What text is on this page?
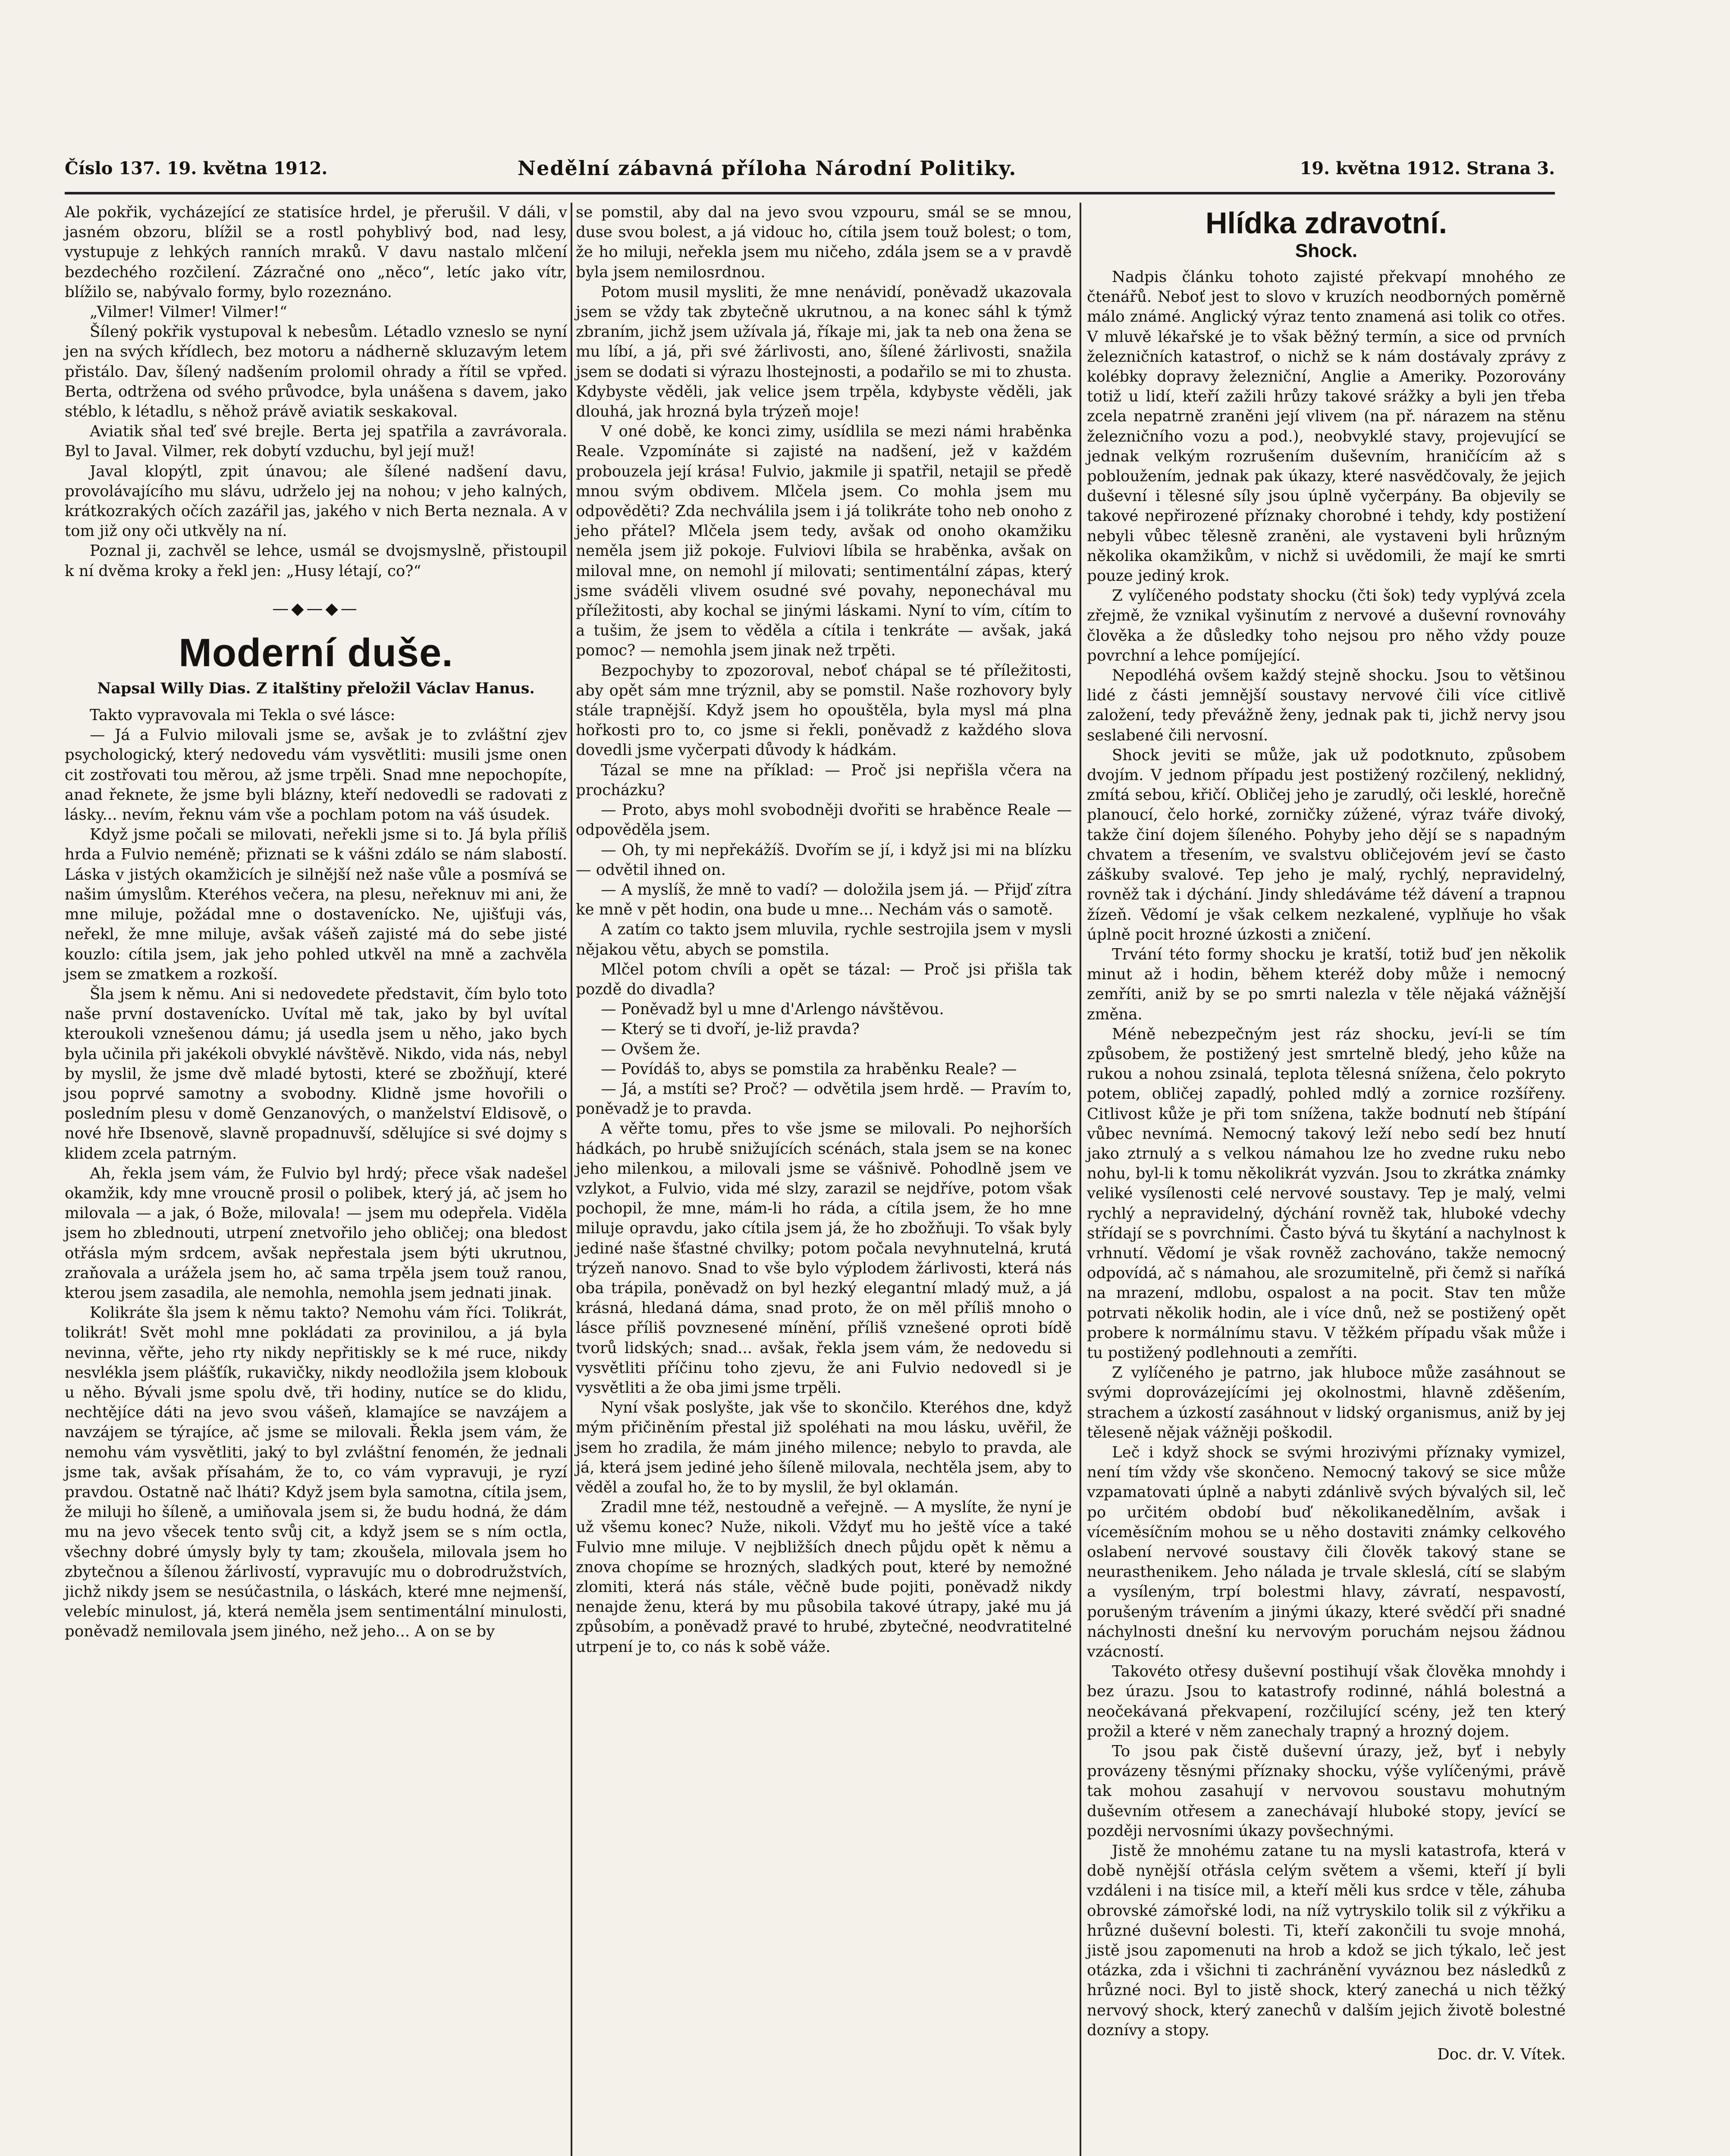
Číslo 137. 19. května 1912.	Nedělní zábavná příloha Národní Politiky.	19. května 1912. Strana 3.

Ale pokřik, vycházející ze statisíce hrdel, je přerušil. V dáli, v jasném obzoru, blížil se a rostl pohyblivý bod, nad lesy, vystupuje z lehkých ranních mraků. V davu nastalo mlčení bezdechého rozčilení. Zázračné ono „něco“, letíc jako vítr, blížilo se, nabývalo formy, bylo rozeznáno.

„Vilmer! Vilmer! Vilmer!“

Šílený pokřik vystupoval k nebesům. Létadlo vzneslo se nyní jen na svých křídlech, bez motoru a nádherně skluzavým letem přistálo. Dav, šílený nadšením prolomil ohrady a řítil se vpřed. Berta, odtržena od svého průvodce, byla unášena s davem, jako stéblo, k létadlu, s něhož právě aviatik seskakoval.

Aviatik sňal teď své brejle. Berta jej spatřila a zavrávorala. Byl to Javal. Vilmer, rek dobytí vzduchu, byl její muž!

Javal klopýtl, zpit únavou; ale šílené nadšení davu, provolávajícího mu slávu, udrželo jej na nohou; v jeho kalných, krátkozrakých očích zazářil jas, jakého v nich Berta neznala. A v tom již ony oči utkvěly na ní.

Poznal ji, zachvěl se lehce, usmál se dvojsmyslně, přistoupil k ní dvěma kroky a řekl jen: „Husy létají, co?“

—◆—◆—
Moderní duše.
Napsal Willy Dias. Z italštiny přeložil Václav Hanus.

Takto vypravovala mi Tekla o své lásce:

— Já a Fulvio milovali jsme se, avšak je to zvláštní zjev psychologický, který nedovedu vám vysvětliti: musili jsme onen cit zostřovati tou měrou, až jsme trpěli. Snad mne nepochopíte, anad řeknete, že jsme byli blázny, kteří nedovedli se radovati z lásky... nevím, řeknu vám vše a pochlam potom na váš úsudek.

Když jsme počali se milovati, neřekli jsme si to. Já byla příliš hrda a Fulvio neméně; přiznati se k vášni zdálo se nám slabostí. Láska v jistých okamžicích je silnější než naše vůle a posmívá se našim úmyslům. Kteréhos večera, na plesu, neřeknuv mi ani, že mne miluje, požádal mne o dostavenícko. Ne, ujišťuji vás, neřekl, že mne miluje, avšak vášeň zajisté má do sebe jisté kouzlo: cítila jsem, jak jeho pohled utkvěl na mně a zachvěla jsem se zmatkem a rozkoší.

Šla jsem k němu. Ani si nedovedete představit, čím bylo toto naše první dostavenícko. Uvítal mě tak, jako by byl uvítal kteroukoli vznešenou dámu; já usedla jsem u něho, jako bych byla učinila při jakékoli obvyklé návštěvě. Nikdo, vida nás, nebyl by myslil, že jsme dvě mladé bytosti, které se zbožňují, které jsou poprvé samotny a svobodny. Klidně jsme hovořili o posledním plesu v domě Genzanových, o manželství Eldisově, o nové hře Ibsenově, slavně propadnuvší, sdělujíce si své dojmy s klidem zcela patrným.

Ah, řekla jsem vám, že Fulvio byl hrdý; přece však nadešel okamžik, kdy mne vroucně prosil o polibek, který já, ač jsem ho milovala — a jak, ó Bože, milovala! — jsem mu odepřela. Viděla jsem ho zblednouti, utrpení znetvořilo jeho obličej; ona bledost otřásla mým srdcem, avšak nepřestala jsem býti ukrutnou, zraňovala a urážela jsem ho, ač sama trpěla jsem touž ranou, kterou jsem zasadila, ale nemohla, nemohla jsem jednati jinak.

Kolikráte šla jsem k němu takto? Nemohu vám říci. Tolikrát, tolikrát! Svět mohl mne pokládati za provinilou, a já byla nevinna, věřte, jeho rty nikdy nepřitiskly se k mé ruce, nikdy nesvlékla jsem plášťík, rukavičky, nikdy neodložila jsem klobouk u něho. Bývali jsme spolu dvě, tři hodiny, nutíce se do klidu, nechtějíce dáti na jevo svou vášeň, klamajíce se navzájem a navzájem se týrajíce, ač jsme se milovali. Řekla jsem vám, že nemohu vám vysvětliti, jaký to byl zvláštní fenomén, že jednali jsme tak, avšak přísahám, že to, co vám vypravuji, je ryzí pravdou. Ostatně nač lháti? Když jsem byla samotna, cítila jsem, že miluji ho šíleně, a umiňovala jsem si, že budu hodná, že dám mu na jevo všecek tento svůj cit, a když jsem se s ním octla, všechny dobré úmysly byly ty tam; zkoušela, milovala jsem ho zbytečnou a šílenou žárlivostí, vypravujíc mu o dobrodružstvích, jichž nikdy jsem se nesúčastnila, o láskách, které mne nejmenší, velebíc minulost, já, která neměla jsem sentimentální minulosti, poněvadž nemilovala jsem jiného, než jeho... A on se by

se pomstil, aby dal na jevo svou vzpouru, smál se se mnou, duse svou bolest, a já vidouc ho, cítila jsem touž bolest; o tom, že ho miluji, neřekla jsem mu ničeho, zdála jsem se a v pravdě byla jsem nemilosrdnou.

Potom musil mysliti, že mne nenávidí, poněvadž ukazovala jsem se vždy tak zbytečně ukrutnou, a na konec sáhl k týmž zbraním, jichž jsem užívala já, říkaje mi, jak ta neb ona žena se mu líbí, a já, při své žárlivosti, ano, šílené žárlivosti, snažila jsem se dodati si výrazu lhostejnosti, a podařilo se mi to zhusta. Kdybyste věděli, jak velice jsem trpěla, kdybyste věděli, jak dlouhá, jak hrozná byla trýzeň moje!

V oné době, ke konci zimy, usídlila se mezi námi hraběnka Reale. Vzpomínáte si zajisté na nadšení, jež v každém probouzela její krása! Fulvio, jakmile ji spatřil, netajil se předě mnou svým obdivem. Mlčela jsem. Co mohla jsem mu odpověděti? Zda nechválila jsem i já tolikráte toho neb onoho z jeho přátel? Mlčela jsem tedy, avšak od onoho okamžiku neměla jsem již pokoje. Fulviovi líbila se hraběnka, avšak on miloval mne, on nemohl jí milovati; sentimentální zápas, který jsme sváděli vlivem osudné své povahy, neponechával mu příležitosti, aby kochal se jinými láskami. Nyní to vím, cítím to a tušim, že jsem to věděla a cítila i tenkráte — avšak, jaká pomoc? — nemohla jsem jinak než trpěti.

Bezpochyby to zpozoroval, neboť chápal se té příležitosti, aby opět sám mne trýznil, aby se pomstil. Naše rozhovory byly stále trapnější. Když jsem ho opouštěla, byla mysl má plna hořkosti pro to, co jsme si řekli, poněvadž z každého slova dovedli jsme vyčerpati důvody k hádkám.

Tázal se mne na příklad: — Proč jsi nepřišla včera na procházku?

— Proto, abys mohl svobodněji dvořiti se hraběnce Reale — odpověděla jsem.

— Oh, ty mi nepřekážíš. Dvořím se jí, i když jsi mi na blízku — odvětil ihned on.

— A myslíš, že mně to vadí? — doložila jsem já. — Přijď zítra ke mně v pět hodin, ona bude u mne... Nechám vás o samotě.

A zatím co takto jsem mluvila, rychle sestrojila jsem v mysli nějakou větu, abych se pomstila.

Mlčel potom chvíli a opět se tázal: — Proč jsi přišla tak pozdě do divadla?

— Poněvadž byl u mne d'Arlengo návštěvou.

— Který se ti dvoří, je-liž pravda?

— Ovšem že.

— Povídáš to, abys se pomstila za hraběnku Reale? —

— Já, a mstíti se? Proč? — odvětila jsem hrdě. — Pravím to, poněvadž je to pravda.

A věřte tomu, přes to vše jsme se milovali. Po nejhorších hádkách, po hrubě snižujících scénách, stala jsem se na konec jeho milenkou, a milovali jsme se vášnivě. Pohodlně jsem ve vzlykot, a Fulvio, vida mé slzy, zarazil se nejdříve, potom však pochopil, že mne, mám-li ho ráda, a cítila jsem, že ho mne miluje opravdu, jako cítila jsem já, že ho zbožňuji. To však byly jediné naše šťastné chvilky; potom počala nevyhnutelná, krutá trýzeň nanovo. Snad to vše bylo výplodem žárlivosti, která nás oba trápila, poněvadž on byl hezký elegantní mladý muž, a já krásná, hledaná dáma, snad proto, že on měl příliš mnoho o lásce příliš povznesené mínění, příliš vznešené oproti bídě tvorů lidských; snad... avšak, řekla jsem vám, že nedovedu si vysvětliti příčinu toho zjevu, že ani Fulvio nedovedl si je vysvětliti a že oba jimi jsme trpěli.

Nyní však poslyšte, jak vše to skončilo. Kteréhos dne, když mým přičiněním přestal již spoléhati na mou lásku, uvěřil, že jsem ho zradila, že mám jiného milence; nebylo to pravda, ale já, která jsem jediné jeho šíleně milovala, nechtěla jsem, aby to věděl a zoufal ho, že to by myslil, že byl oklamán.

Zradil mne též, nestoudně a veřejně. — A myslíte, že nyní je už všemu konec? Nuže, nikoli. Vždyť mu ho ještě více a také Fulvio mne miluje. V nejbližších dnech půjdu opět k němu a znova chopíme se hrozných, sladkých pout, které by nemožné zlomiti, která nás stále, věčně bude pojiti, poněvadž nikdy nenajde ženu, která by mu působila takové útrapy, jaké mu já způsobím, a poněvadž pravé to hrubé, zbytečné, neodvratitelné utrpení je to, co nás k sobě váže.

Hlídka zdravotní.
Shock.

Nadpis článku tohoto zajisté překvapí mnohého ze čtenářů. Neboť jest to slovo v kruzích neodborných poměrně málo známé. Anglický výraz tento znamená asi tolik co otřes. V mluvě lékařské je to však běžný termín, a sice od prvních železničních katastrof, o nichž se k nám dostávaly zprávy z kolébky dopravy železniční, Anglie a Ameriky. Pozorovány totiž u lidí, kteří zažili hrůzy takové srážky a byli jen třeba zcela nepatrně zraněni její vlivem (na př. nárazem na stěnu železničního vozu a pod.), neobvyklé stavy, projevující se jednak velkým rozrušením duševním, hraničícím až s pobloužením, jednak pak úkazy, které nasvědčovaly, že jejich duševní i tělesné síly jsou úplně vyčerpány. Ba objevily se takové nepřirozené příznaky chorobné i tehdy, kdy postižení nebyli vůbec tělesně zraněni, ale vystaveni byli hrůzným několika okamžikům, v nichž si uvědomili, že mají ke smrti pouze jediný krok.

Z vylíčeného podstaty shocku (čti šok) tedy vyplývá zcela zřejmě, že vznikal vyšinutím z nervové a duševní rovnováhy člověka a že důsledky toho nejsou pro něho vždy pouze povrchní a lehce pomíjející.

Nepodléhá ovšem každý stejně shocku. Jsou to většinou lidé z části jemnější soustavy nervové čili více citlivě založení, tedy převážně ženy, jednak pak ti, jichž nervy jsou seslabené čili nervosní.

Shock jeviti se může, jak už podotknuto, způsobem dvojím. V jednom případu jest postižený rozčilený, neklidný, zmítá sebou, křičí. Obličej jeho je zarudlý, oči lesklé, horečně planoucí, čelo horké, zorničky zúžené, výraz tváře divoký, takže činí dojem šíleného. Pohyby jeho dějí se s napadným chvatem a třesením, ve svalstvu obličejovém jeví se často záškuby svalové. Tep jeho je malý, rychlý, nepravidelný, rovněž tak i dýchání. Jindy shledáváme též dávení a trapnou žízeň. Vědomí je však celkem nezkalené, vyplňuje ho však úplně pocit hrozné úzkosti a zničení.

Trvání této formy shocku je kratší, totiž buď jen několik minut až i hodin, během kteréž doby může i nemocný zemříti, aniž by se po smrti nalezla v těle nějaká vážnější změna.

Méně nebezpečným jest ráz shocku, jeví-li se tím způsobem, že postižený jest smrtelně bledý, jeho kůže na rukou a nohou zsinalá, teplota tělesná snížena, čelo pokryto potem, obličej zapadlý, pohled mdlý a zornice rozšířeny. Citlivost kůže je při tom snížena, takže bodnutí neb štípání vůbec nevnímá. Nemocný takový leží nebo sedí bez hnutí jako ztrnulý a s velkou námahou lze ho zvedne ruku nebo nohu, byl-li k tomu několikrát vyzván. Jsou to zkrátka známky veliké vysílenosti celé nervové soustavy. Tep je malý, velmi rychlý a nepravidelný, dýchání rovněž tak, hluboké vdechy střídají se s povrchními. Často bývá tu škytání a nachylnost k vrhnutí. Vědomí je však rovněž zachováno, takže nemocný odpovídá, ač s námahou, ale srozumitelně, při čemž si naříká na mrazení, mdlobu, ospalost a na pocit. Stav ten může potrvati několik hodin, ale i více dnů, než se postižený opět probere k normálnímu stavu. V těžkém případu však může i tu postižený podlehnouti a zemříti.

Z vylíčeného je patrno, jak hluboce může zasáhnout se svými doprovázejícími jej okolnostmi, hlavně zděšením, strachem a úzkostí zasáhnout v lidský organismus, aniž by jej těleseně nějak vážněji poškodil.

Leč i když shock se svými hrozivými příznaky vymizel, není tím vždy vše skončeno. Nemocný takový se sice může vzpamatovati úplně a nabyti zdánlivě svých bývalých sil, leč po určitém období buď několikanedělním, avšak i víceměsíčním mohou se u něho dostaviti známky celkového oslabení nervové soustavy čili člověk takový stane se neurasthenikem. Jeho nálada je trvale skleslá, cítí se slabým a vysíleným, trpí bolestmi hlavy, závratí, nespavostí, porušeným trávením a jinými úkazy, které svědčí při snadné náchylnosti dnešní ku nervovým poruchám nejsou žádnou vzácností.

Takovéto otřesy duševní postihují však člověka mnohdy i bez úrazu. Jsou to katastrofy rodinné, náhlá bolestná a neočekávaná překvapení, rozčilující scény, jež ten který prožil a které v něm zanechaly trapný a hrozný dojem.

To jsou pak čistě duševní úrazy, jež, byť i nebyly provázeny těsnými příznaky shocku, výše vylíčenými, právě tak mohou zasahují v nervovou soustavu mohutným duševním otřesem a zanechávají hluboké stopy, jevící se později nervosními úkazy povšechnými.

Jistě že mnohému zatane tu na mysli katastrofa, která v době nynější otřásla celým světem a všemi, kteří jí byli vzdáleni i na tisíce mil, a kteří měli kus srdce v těle, záhuba obrovské zámořské lodi, na níž vytryskilo tolik sil z výkřiku a hrůzné duševní bolesti. Ti, kteří zakončili tu svoje mnohá, jistě jsou zapomenuti na hrob a kdož se jich týkalo, leč jest otázka, zda i všichni ti zachránění vyváznou bez následků z hrůzné noci. Byl to jistě shock, který zanechá u nich těžký nervový shock, který zanechů v dalším jejich životě bolestné doznívy a stopy.

Doc. dr. V. Vítek.
